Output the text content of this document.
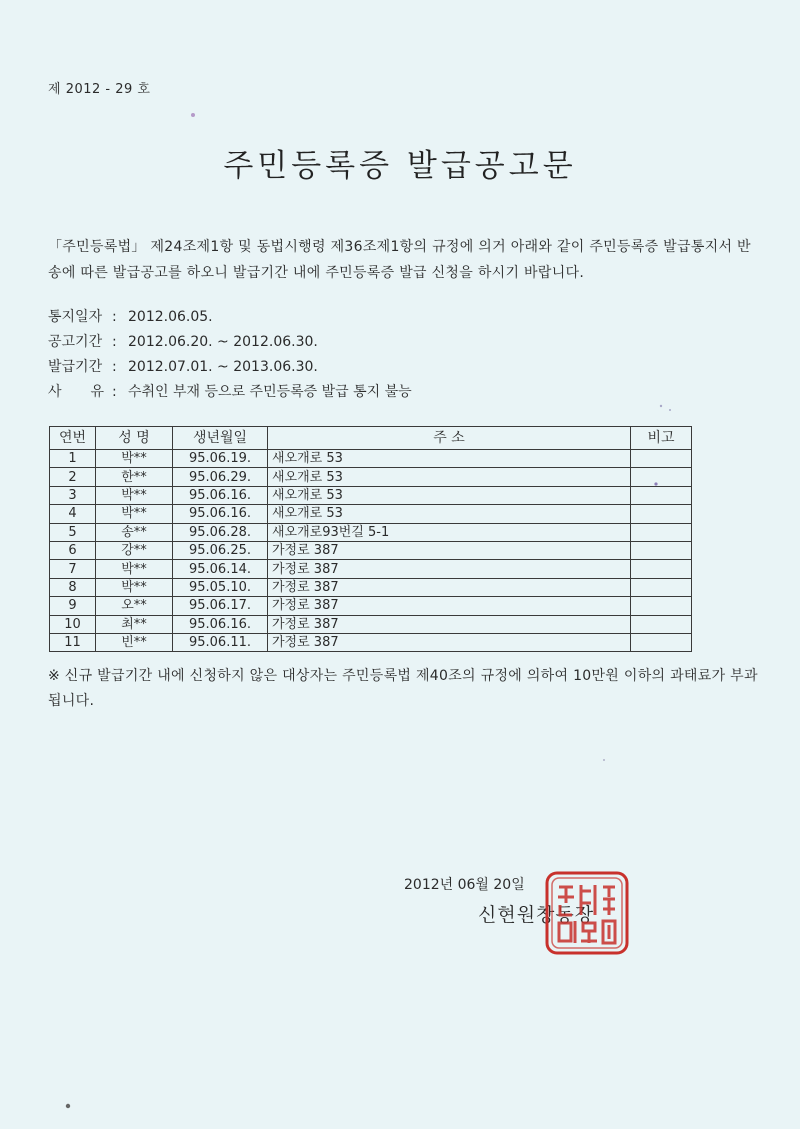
제 2012 - 29 호
주민등록증 발급공고문
「주민등록법」 제24조제1항 및 동법시행령 제36조제1항의 규정에 의거 아래와 같이 주민등록증 발급통지서 반송에 따른 발급공고를 하오니 발급기간 내에 주민등록증 발급 신청을 하시기 바랍니다.
통지일자 : 2012.06.05.
공고기간 : 2012.06.20. ~ 2012.06.30.
발급기간 : 2012.07.01. ~ 2013.06.30.
사 유 : 수취인 부재 등으로 주민등록증 발급 통지 불능
연번	성 명	생년월일	주 소	비고
1	박**	95.06.19.	새오개로 53	
2	한**	95.06.29.	새오개로 53	
3	박**	95.06.16.	새오개로 53	
4	박**	95.06.16.	새오개로 53	
5	송**	95.06.28.	새오개로93번길 5-1	
6	강**	95.06.25.	가정로 387	
7	박**	95.06.14.	가정로 387	
8	박**	95.05.10.	가정로 387	
9	오**	95.06.17.	가정로 387	
10	최**	95.06.16.	가정로 387	
11	빈**	95.06.11.	가정로 387	
※ 신규 발급기간 내에 신청하지 않은 대상자는 주민등록법 제40조의 규정에 의하여 10만원 이하의 과태료가 부과됩니다.
2012년 06월 20일
신현원창동장
